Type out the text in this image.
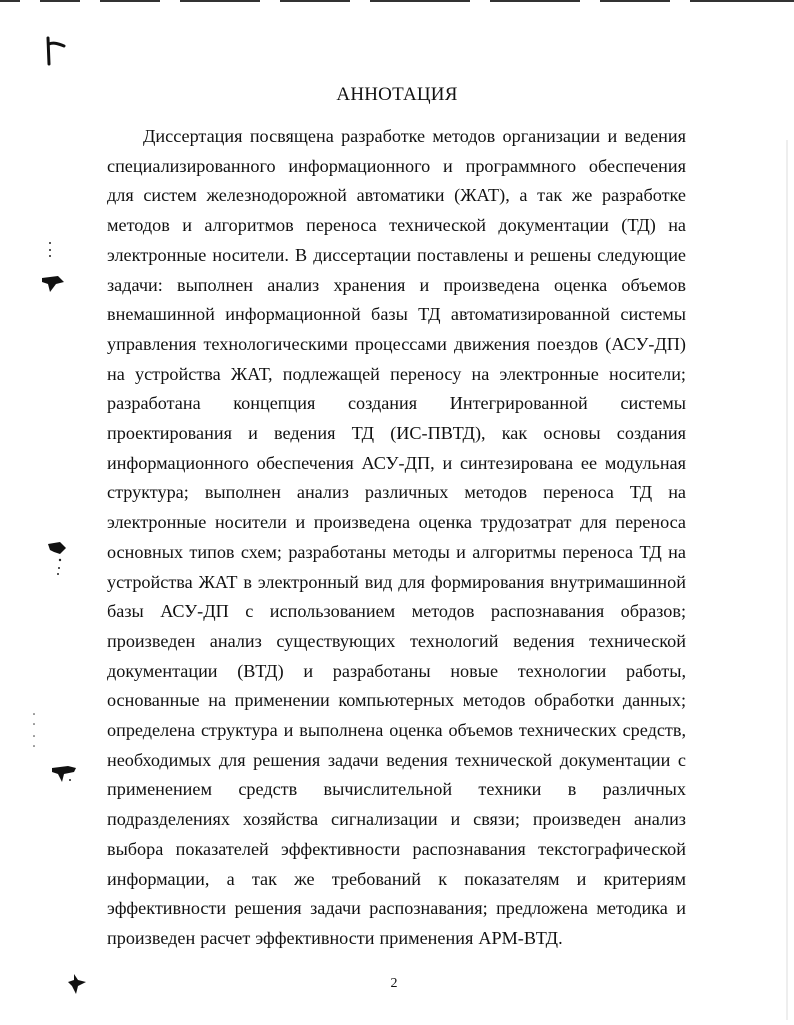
АННОТАЦИЯ

Диссертация посвящена разработке методов организации и ведения специализированного информационного и программного обеспечения для систем железнодорожной автоматики (ЖАТ), а так же разработке методов и алгоритмов переноса технической документации (ТД) на электронные носители. В диссертации поставлены и решены следующие задачи: выполнен анализ хранения и произведена оценка объемов внемашинной информационной базы ТД автоматизированной системы управления технологическими процессами движения поездов (АСУ-ДП) на устройства ЖАТ, подлежащей переносу на электронные носители; разработана концепция создания Интегрированной системы проектирования и ведения ТД (ИС-ПВТД), как основы создания информационного обеспечения АСУ-ДП, и синтезирована ее модульная структура; выполнен анализ различных методов переноса ТД на электронные носители и произведена оценка трудозатрат для переноса основных типов схем; разработаны методы и алгоритмы переноса ТД на устройства ЖАТ в электронный вид для формирования внутримашинной базы АСУ-ДП с использованием методов распознавания образов; произведен анализ существующих технологий ведения технической документации (ВТД) и разработаны новые технологии работы, основанные на применении компьютерных методов обработки данных; определена структура и выполнена оценка объемов технических средств, необходимых для решения задачи ведения технической документации с применением средств вычислительной техники в различных подразделениях хозяйства сигнализации и связи; произведен анализ выбора показателей эффективности распознавания текстографической информации, а так же требований к показателям и критериям эффективности решения задачи распознавания; предложена методика и произведен расчет эффективности применения АРМ-ВТД.

2
